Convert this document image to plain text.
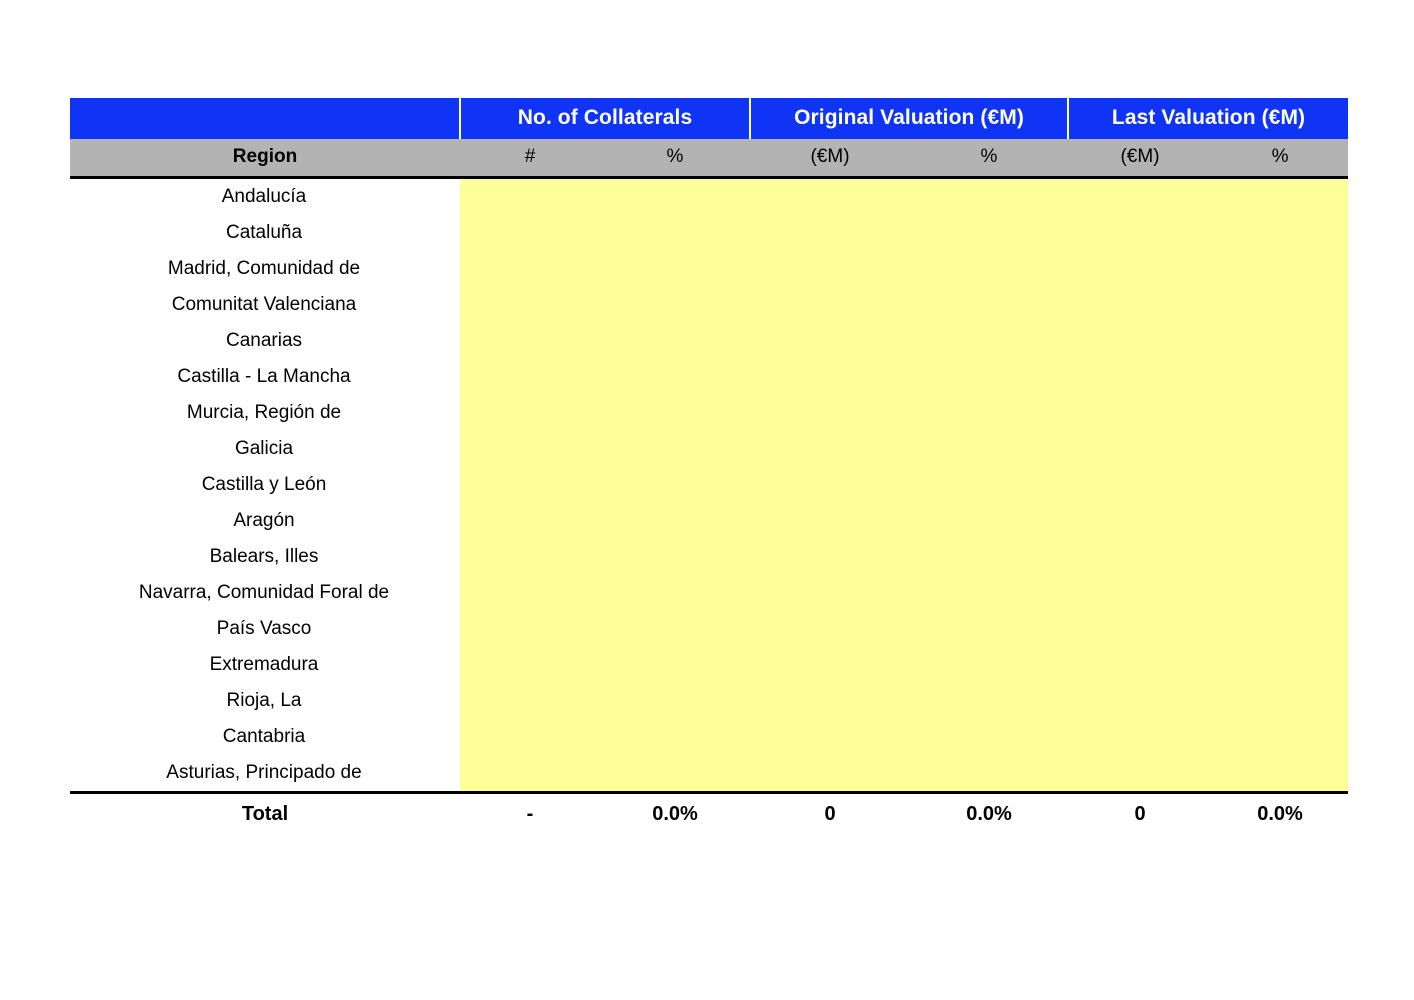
	No. of Collaterals		Original Valuation (€M)		Last Valuation (€M)	
Region	#	%	(€M)	%	(€M)	%
Andalucía						
Cataluña						
Madrid, Comunidad de						
Comunitat Valenciana						
Canarias						
Castilla - La Mancha						
Murcia, Región de						
Galicia						
Castilla y León						
Aragón						
Balears, Illes						
Navarra, Comunidad Foral de						
País Vasco						
Extremadura						
Rioja, La						
Cantabria						
Asturias, Principado de						
Total	-	0.0%	0	0.0%	0	0.0%
